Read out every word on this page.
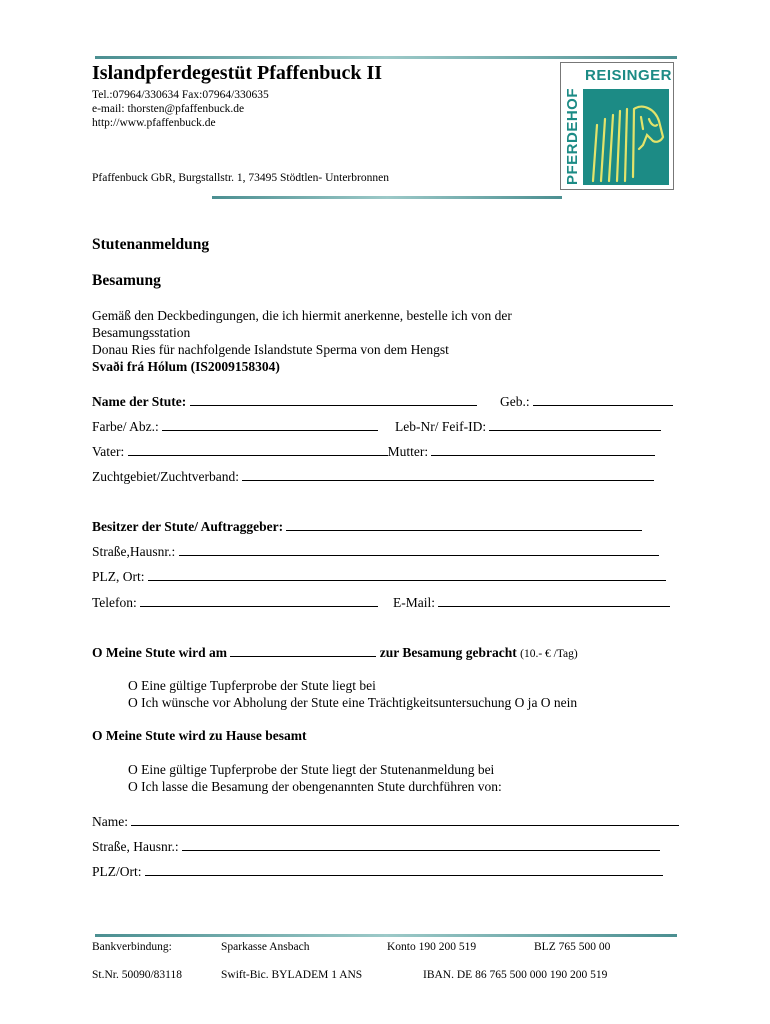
Islandpferdegestüt Pfaffenbuck II
Tel.:07964/330634 Fax:07964/330635
e-mail: thorsten@pfaffenbuck.de
http://www.pfaffenbuck.de
Pfaffenbuck GbR, Burgstallstr. 1, 73495 Stödtlen- Unterbronnen
REISINGER
PFERDEHOF
Stutenanmeldung
Besamung
Gemäß den Deckbedingungen, die ich hiermit anerkenne, bestelle ich von der
Besamungsstation
Donau Ries für nachfolgende Islandstute Sperma von dem Hengst
Svaði frá Hólum (IS2009158304)
Name der Stute:	Geb.:
Farbe/ Abz.:	Leb-Nr/ Feif-ID:
Vater:	Mutter:
Zuchtgebiet/Zuchtverband:
Besitzer der Stute/ Auftraggeber:
Straße,Hausnr.:
PLZ, Ort:
Telefon:	E-Mail:
O Meine Stute wird am	zur Besamung gebracht (10.- € /Tag)
O Eine gültige Tupferprobe der Stute liegt bei
O Ich wünsche vor Abholung der Stute eine Trächtigkeitsuntersuchung O ja O nein
O Meine Stute wird zu Hause besamt
O Eine gültige Tupferprobe der Stute liegt der Stutenanmeldung bei
O Ich lasse die Besamung der obengenannten Stute durchführen von:
Name:
Straße, Hausnr.:
PLZ/Ort:
Bankverbindung:	Sparkasse Ansbach	Konto 190 200 519	BLZ 765 500 00
St.Nr. 50090/83118	Swift-Bic. BYLADEM 1 ANS	IBAN. DE 86 765 500 000 190 200 519
